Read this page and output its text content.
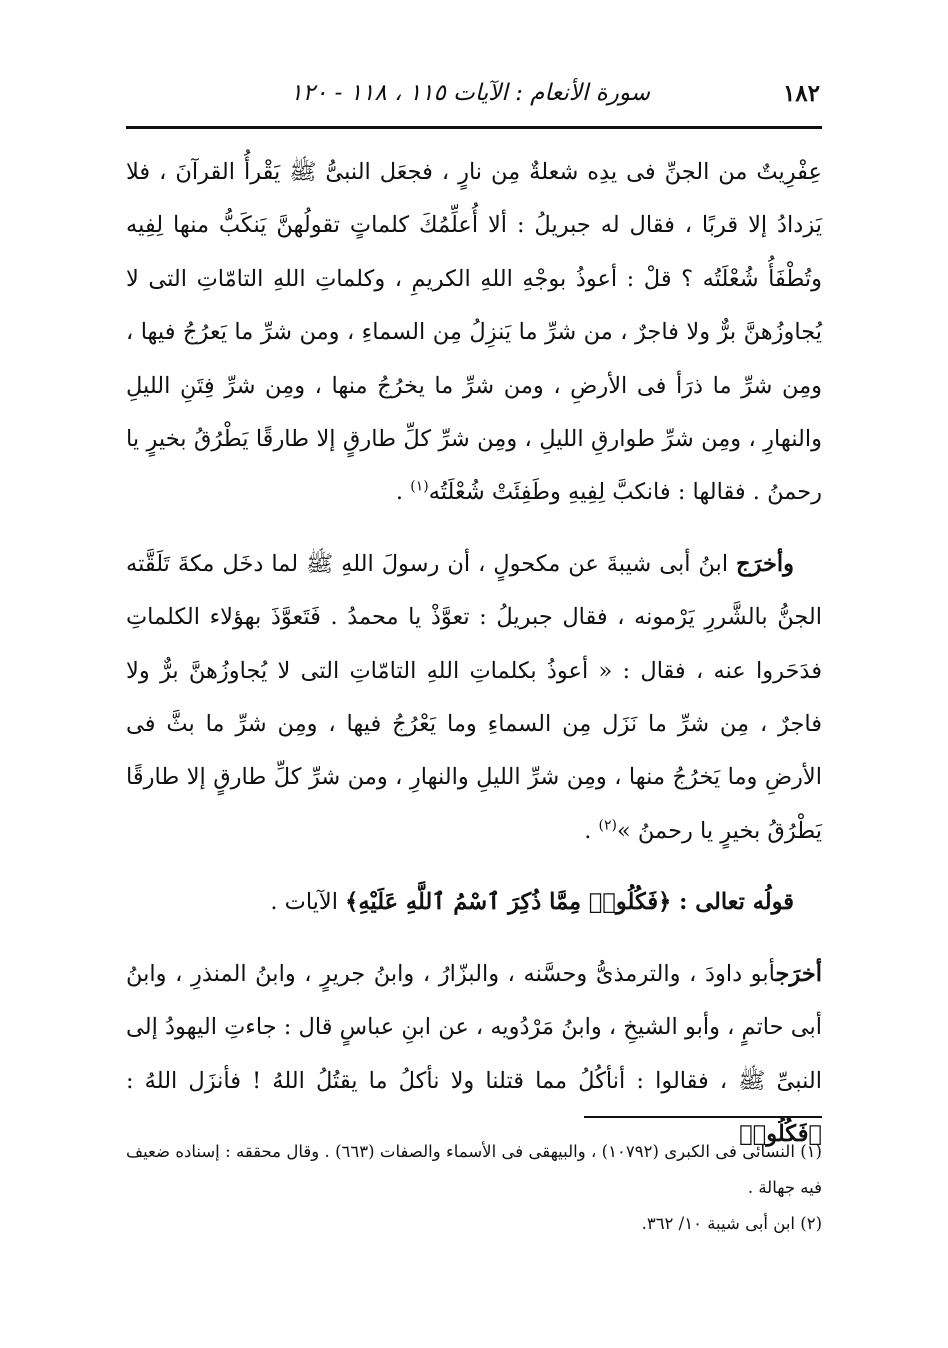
١٨٢
سورة الأنعام : الآيات ١١٥ ، ١١٨ - ١٢٠

عِفْرِيتٌ من الجنِّ فى يدِه شعلةٌ مِن نارٍ ، فجعَل النبىُّ ﷺ يَقْرأُ القرآنَ ، فلا يَزدادُ إلا قربًا ، فقال له جبريلُ : ألا أُعلِّمُكَ كلماتٍ تقولُهنَّ يَنكَبُّ منها لِفِيه وتُطْفَأُ شُعْلَتُه ؟ قلْ : أعوذُ بوجْهِ اللهِ الكريمِ ، وكلماتِ اللهِ التامّاتِ التى لا يُجاوزُهنَّ برٌّ ولا فاجرٌ ، من شرِّ ما يَنزِلُ مِن السماءِ ، ومن شرِّ ما يَعرُجُ فيها ، ومِن شرِّ ما ذرَأ فى الأرضِ ، ومن شرِّ ما يخرُجُ منها ، ومِن شرِّ فِتَنِ الليلِ والنهارِ ، ومِن شرِّ طوارقِ الليلِ ، ومِن شرِّ كلِّ طارقٍ إلا طارقًا يَطْرُقُ بخيرٍ يا رحمنُ . فقالها : فانكبَّ لِفِيهِ وطَفِئَتْ شُعْلَتُه$^{(١)}$ .

وأخرَج ابنُ أبى شيبةَ عن مكحولٍ ، أن رسولَ اللهِ ﷺ لما دخَل مكةَ تَلَقَّته الجنُّ بالشَّررِ يَرْمونه ، فقال جبريلُ : تعوَّذْ يا محمدُ . فَتَعوَّذَ بهؤلاء الكلماتِ فدَحَروا عنه ، فقال : « أعوذُ بكلماتِ اللهِ التامّاتِ التى لا يُجاوزُهنَّ برٌّ ولا فاجرٌ ، مِن شرِّ ما نَزَل مِن السماءِ وما يَعْرُجُ فيها ، ومِن شرِّ ما بثَّ فى الأرضِ وما يَخرُجُ منها ، ومِن شرِّ الليلِ والنهارِ ، ومن شرِّ كلِّ طارقٍ إلا طارقًا يَطْرُقُ بخيرٍ يا رحمنُ »$^{(٢)}$ .

قولُه تعالى : ﴿فَكُلُوا۟ مِمَّا ذُكِرَ ٱسْمُ ٱللَّهِ عَلَيْهِ﴾ الآيات .

أخرَجأبو داودَ ، والترمذىُّ وحسَّنه ، والبزّارُ ، وابنُ جريرٍ ، وابنُ المنذرِ ، وابنُ أبى حاتمٍ ، وأبو الشيخِ ، وابنُ مَرْدُويه ، عن ابنِ عباسٍ قال : جاءتِ اليهودُ إلى النبىِّ ﷺ ، فقالوا : أنأكُلُ مما قتلنا ولا نأكلُ ما يقتُلُ اللهُ ! فأنزَل اللهُ : ﴿فَكُلُوا۟

(١) النسائى فى الكبرى (١٠٧٩٢) ، والبيهقى فى الأسماء والصفات (٦٦٣) . وقال محققه : إسناده ضعيف فيه جهالة .

(٢) ابن أبى شيبة ١٠/ ٣٦٢.
